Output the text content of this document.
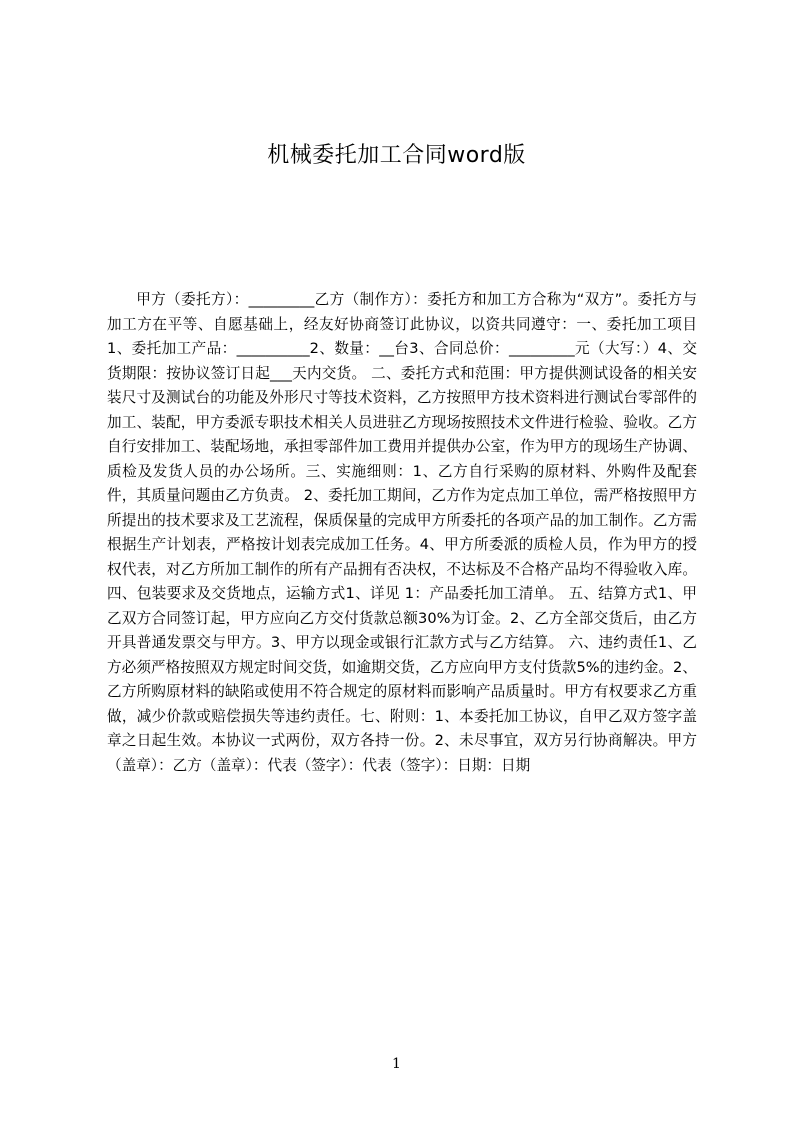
机械委托加工合同word版

甲方（委托方）：_________乙方（制作方）：委托方和加工方合称为“双方”。委托方与加工方在平等、自愿基础上，经友好协商签订此协议，以资共同遵守：一、委托加工项目1、委托加工产品：__________2、数量：__台3、合同总价：_________元（大写：）4、交货期限：按协议签订日起___天内交货。 二、委托方式和范围：甲方提供测试设备的相关安装尺寸及测试台的功能及外形尺寸等技术资料，乙方按照甲方技术资料进行测试台零部件的加工、装配，甲方委派专职技术相关人员进驻乙方现场按照技术文件进行检验、验收。乙方自行安排加工、装配场地，承担零部件加工费用并提供办公室，作为甲方的现场生产协调、质检及发货人员的办公场所。三、实施细则：1、乙方自行采购的原材料、外购件及配套件，其质量问题由乙方负责。 2、委托加工期间，乙方作为定点加工单位，需严格按照甲方所提出的技术要求及工艺流程，保质保量的完成甲方所委托的各项产品的加工制作。乙方需根据生产计划表，严格按计划表完成加工任务。4、甲方所委派的质检人员，作为甲方的授权代表，对乙方所加工制作的所有产品拥有否决权，不达标及不合格产品均不得验收入库。四、包装要求及交货地点，运输方式1、详见 1：产品委托加工清单。 五、结算方式1、甲乙双方合同签订起，甲方应向乙方交付货款总额30%为订金。2、乙方全部交货后，由乙方开具普通发票交与甲方。3、甲方以现金或银行汇款方式与乙方结算。 六、违约责任1、乙方必须严格按照双方规定时间交货，如逾期交货，乙方应向甲方支付货款5%的违约金。2、乙方所购原材料的缺陷或使用不符合规定的原材料而影响产品质量时。甲方有权要求乙方重做，减少价款或赔偿损失等违约责任。七、附则：1、本委托加工协议，自甲乙双方签字盖章之日起生效。本协议一式两份，双方各持一份。2、未尽事宜，双方另行协商解决。甲方（盖章）：乙方（盖章）：代表（签字）：代表（签字）：日期：日期

1
